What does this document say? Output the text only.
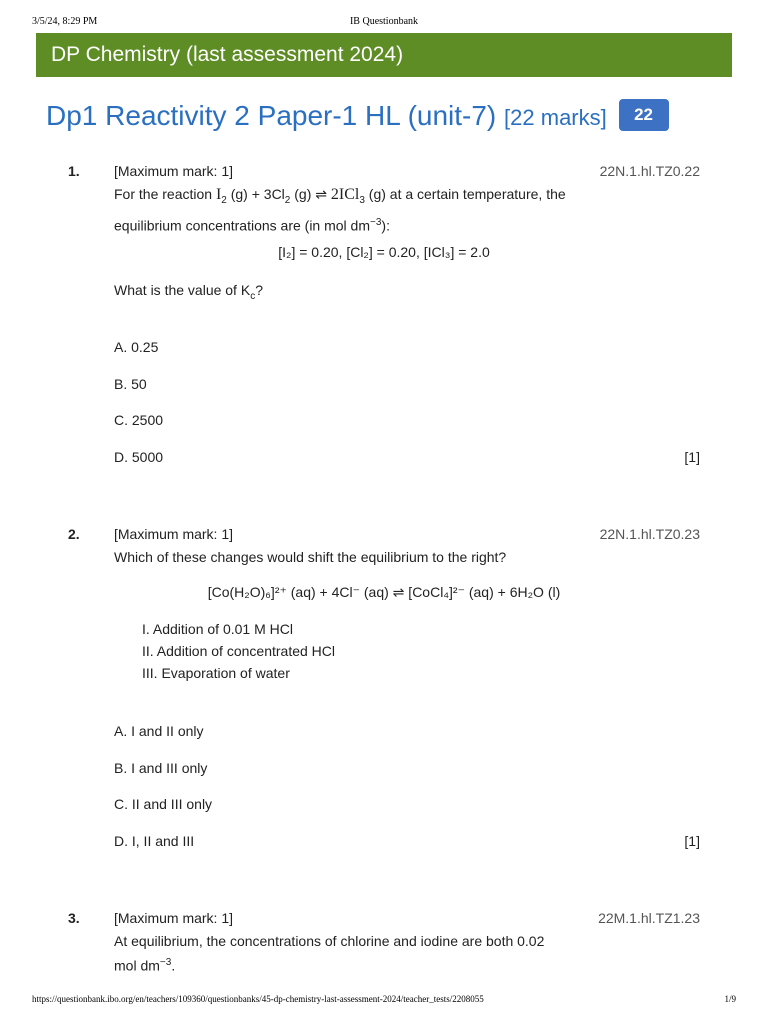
3/5/24, 8:29 PM	IB Questionbank
DP Chemistry (last assessment 2024)
Dp1 Reactivity 2 Paper-1 HL (unit-7) [22 marks] 22
1. [Maximum mark: 1]	22N.1.hl.TZ0.22
For the reaction $I_2$ $(g) + 3Cl_2$ (g) ⇌ 2ICl$_3$ (g) at a certain temperature, the
equilibrium concentrations are (in mol $dm^{-3}$):
[I₂] = 0.20, [Cl₂] = 0.20, [ICl₃] = 2.0
What is the value of $K_c$?
A. 0.25
B. 50
C. 2500
D. 5000	[1]
2. [Maximum mark: 1]	22N.1.hl.TZ0.23
Which of these changes would shift the equilibrium to the right?
[Co(H₂O)₆]²⁺ (aq) + 4Cl⁻ (aq) ⇌ [CoCl₄]²⁻ (aq) + 6H₂O (l)
I. Addition of 0.01 M HCl
II. Addition of concentrated HCl
III. Evaporation of water
A. I and II only
B. I and III only
C. II and III only
D. I, II and III	[1]
3. [Maximum mark: 1]	22M.1.hl.TZ1.23
At equilibrium, the concentrations of chlorine and iodine are both 0.02
mol $dm^{-3}$.
https://questionbank.ibo.org/en/teachers/109360/questionbanks/45-dp-chemistry-last-assessment-2024/teacher_tests/2208055	1/9
